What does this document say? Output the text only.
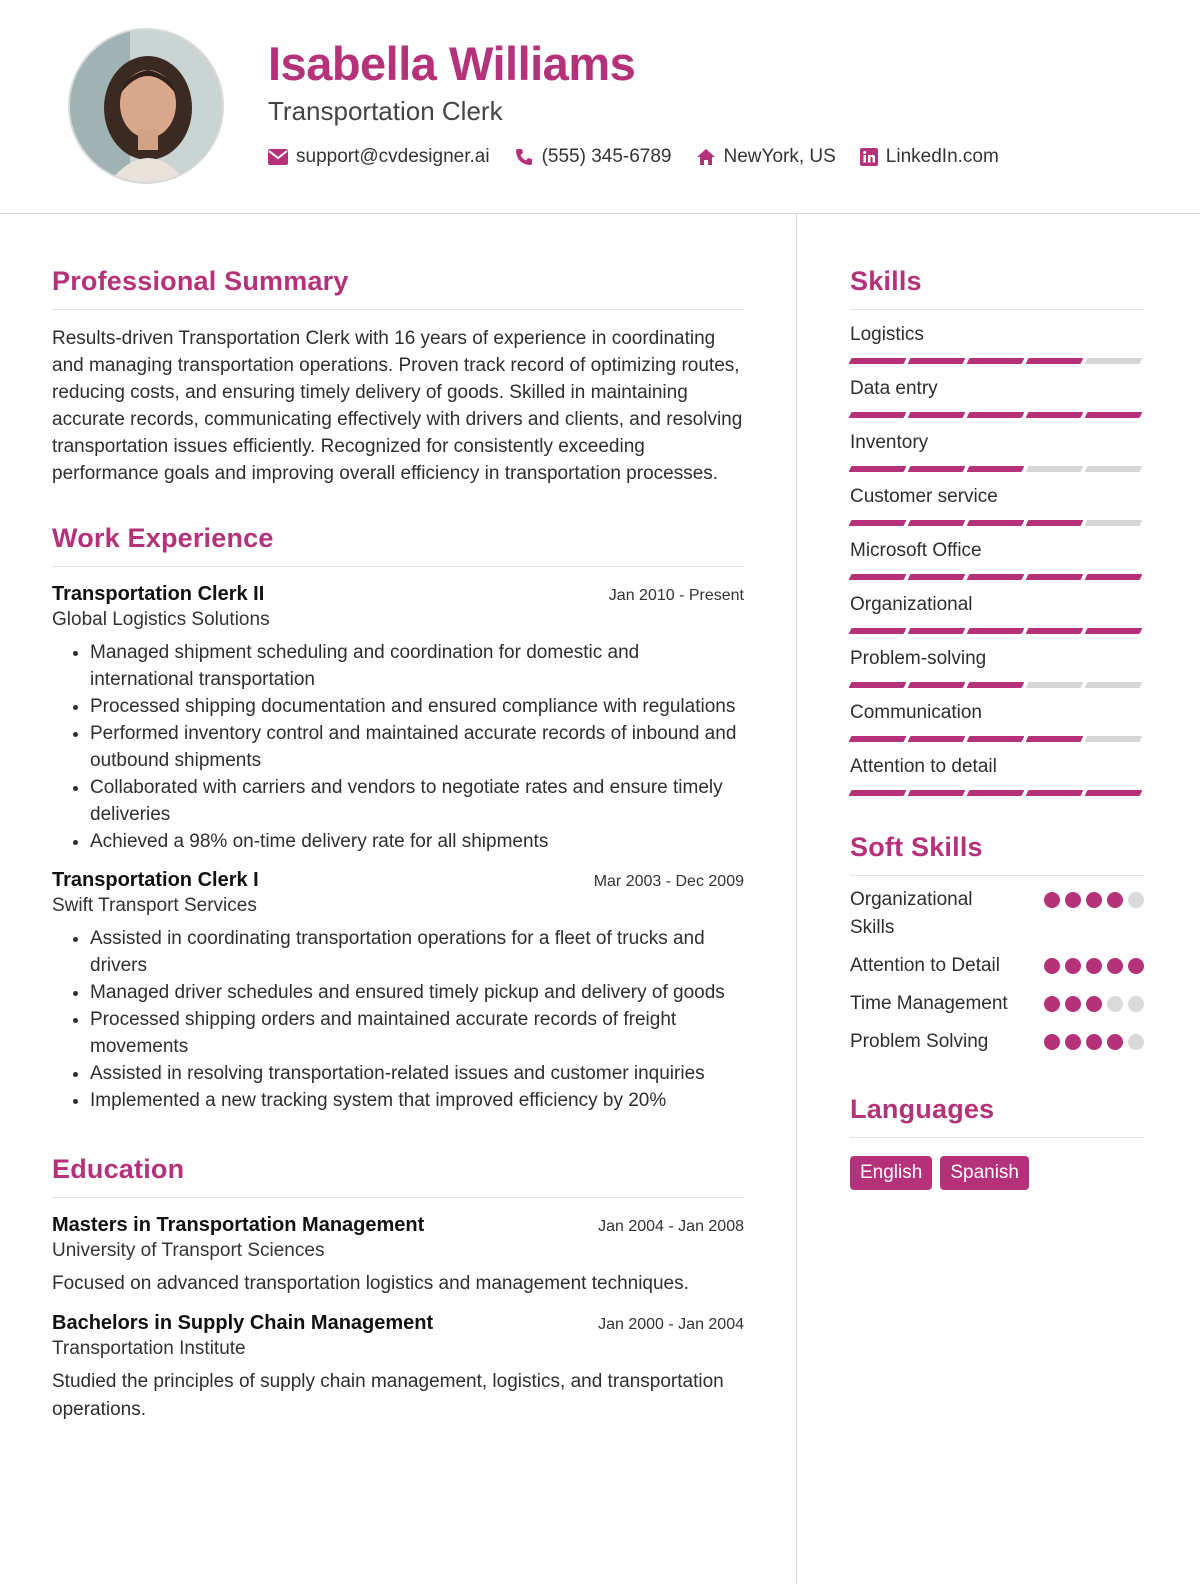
Isabella Williams
Transportation Clerk
support@cvdesigner.ai	(555) 345-6789	NewYork, US	LinkedIn.com
Professional Summary

Results-driven Transportation Clerk with 16 years of experience in coordinating and managing transportation operations. Proven track record of optimizing routes, reducing costs, and ensuring timely delivery of goods. Skilled in maintaining accurate records, communicating effectively with drivers and clients, and resolving transportation issues efficiently. Recognized for consistently exceeding performance goals and improving overall efficiency in transportation processes.

Work Experience
Transportation Clerk II	Jan 2010 - Present
Global Logistics Solutions
• Managed shipment scheduling and coordination for domestic and international transportation
• Processed shipping documentation and ensured compliance with regulations
• Performed inventory control and maintained accurate records of inbound and outbound shipments
• Collaborated with carriers and vendors to negotiate rates and ensure timely deliveries
• Achieved a 98% on-time delivery rate for all shipments
Transportation Clerk I	Mar 2003 - Dec 2009
Swift Transport Services
• Assisted in coordinating transportation operations for a fleet of trucks and drivers
• Managed driver schedules and ensured timely pickup and delivery of goods
• Processed shipping orders and maintained accurate records of freight movements
• Assisted in resolving transportation-related issues and customer inquiries
• Implemented a new tracking system that improved efficiency by 20%
Education
Masters in Transportation Management	Jan 2004 - Jan 2008
University of Transport Sciences

Focused on advanced transportation logistics and management techniques.

Bachelors in Supply Chain Management	Jan 2000 - Jan 2004
Transportation Institute

Studied the principles of supply chain management, logistics, and transportation operations.

Skills
Logistics
Data entry
Inventory
Customer service
Microsoft Office
Organizational
Problem-solving
Communication
Attention to detail
Soft Skills
Organizational Skills
Attention to Detail
Time Management
Problem Solving
Languages
English	Spanish
